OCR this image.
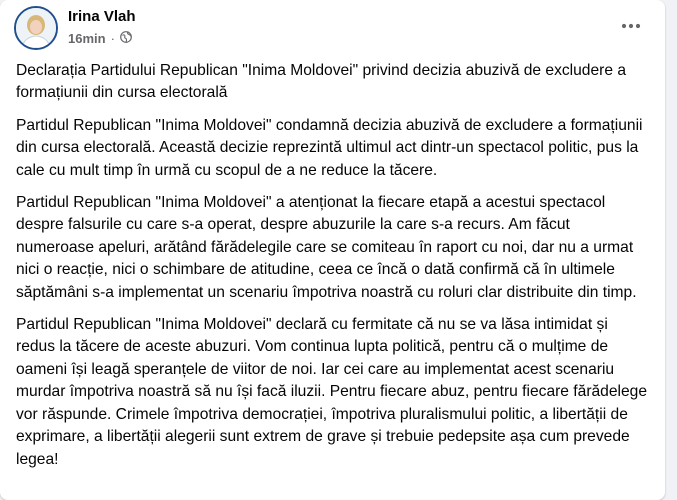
Irina Vlah
16min ·

Declarația Partidului Republican "Inima Moldovei" privind decizia abuzivă de excludere a formațiunii din cursa electorală

Partidul Republican "Inima Moldovei" condamnă decizia abuzivă de excludere a formațiunii din cursa electorală. Această decizie reprezintă ultimul act dintr-un spectacol politic, pus la cale cu mult timp în urmă cu scopul de a ne reduce la tăcere.

Partidul Republican "Inima Moldovei" a atenționat la fiecare etapă a acestui spectacol despre falsurile cu care s-a operat, despre abuzurile la care s-a recurs. Am făcut numeroase apeluri, arătând fărădelegile care se comiteau în raport cu noi, dar nu a urmat nici o reacție, nici o schimbare de atitudine, ceea ce încă o dată confirmă că în ultimele săptămâni s-a implementat un scenariu împotriva noastră cu roluri clar distribuite din timp.

Partidul Republican "Inima Moldovei" declară cu fermitate că nu se va lăsa intimidat și redus la tăcere de aceste abuzuri. Vom continua lupta politică, pentru că o mulțime de oameni își leagă speranțele de viitor de noi. Iar cei care au implementat acest scenariu murdar împotriva noastră să nu își facă iluzii. Pentru fiecare abuz, pentru fiecare fărădelege vor răspunde. Crimele împotriva democrației, împotriva pluralismului politic, a libertății de exprimare, a libertății alegerii sunt extrem de grave și trebuie pedepsite așa cum prevede legea!
